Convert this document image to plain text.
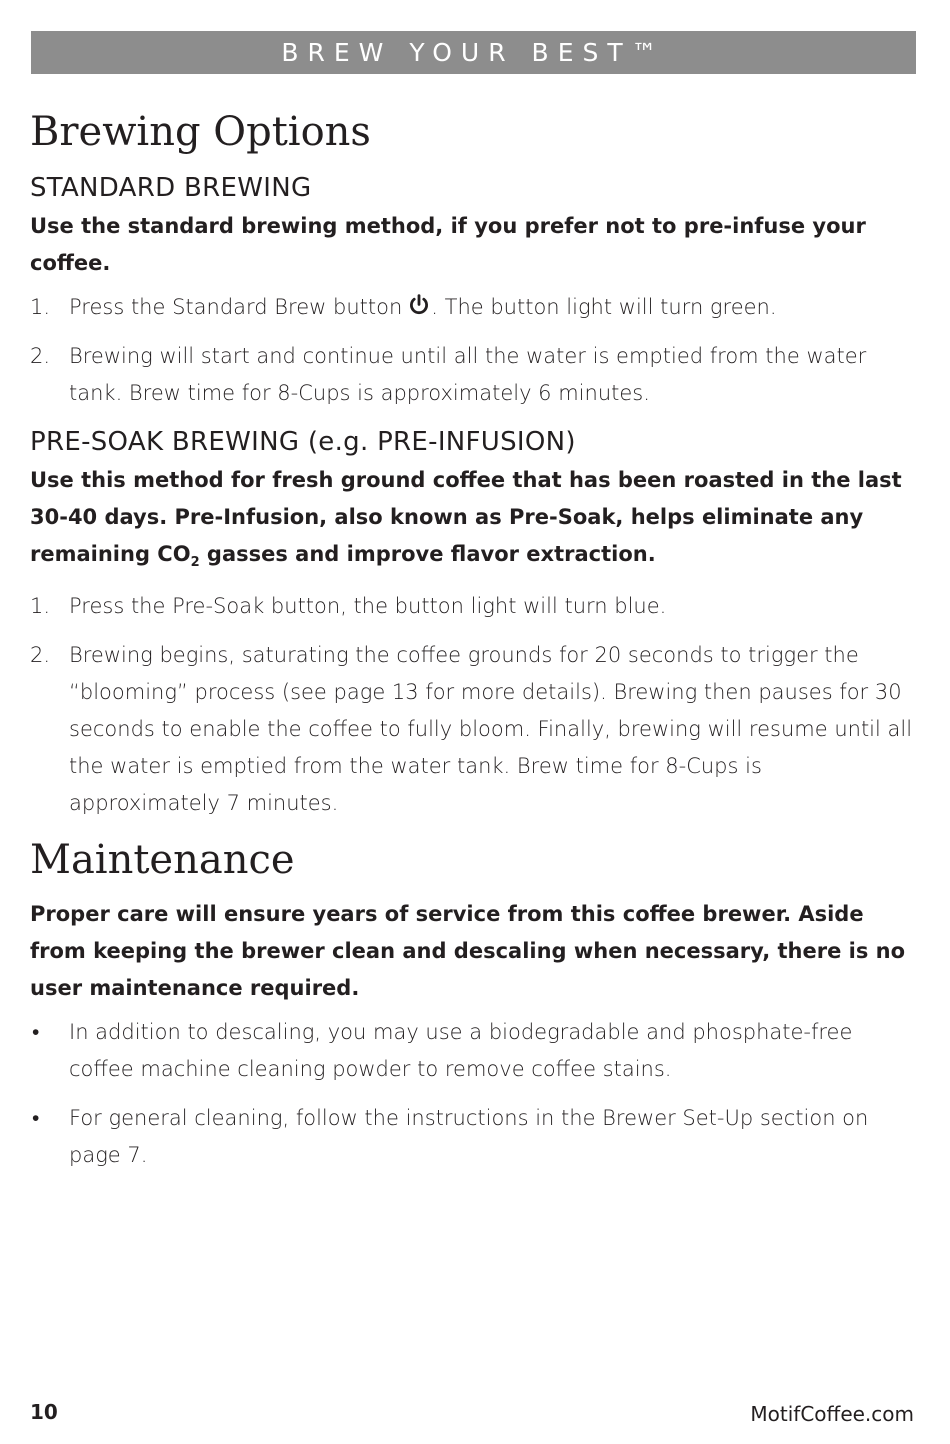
BREW YOUR BEST™
Brewing Options
STANDARD BREWING

Use the standard brewing method, if you prefer not to pre-infuse your coffee.

1. Press the Standard Brew button . The button light will turn green.
2. Brewing will start and continue until all the water is emptied from the water tank. Brew time for 8-Cups is approximately 6 minutes.
PRE-SOAK BREWING (e.g. PRE-INFUSION)

Use this method for fresh ground coffee that has been roasted in the last 30-40 days. Pre-Infusion, also known as Pre-Soak, helps eliminate any remaining $CO_2$ gasses and improve flavor extraction.

1. Press the Pre-Soak button, the button light will turn blue.
2. Brewing begins, saturating the coffee grounds for 20 seconds to trigger the “blooming” process (see page 13 for more details). Brewing then pauses for 30 seconds to enable the coffee to fully bloom. Finally, brewing will resume until all the water is emptied from the water tank. Brew time for 8-Cups is approximately 7 minutes.
Maintenance

Proper care will ensure years of service from this coffee brewer. Aside from keeping the brewer clean and descaling when necessary, there is no user maintenance required.

• In addition to descaling, you may use a biodegradable and phosphate-free coffee machine cleaning powder to remove coffee stains.
• For general cleaning, follow the instructions in the Brewer Set-Up section on page 7.
10	MotifCoffee.com
